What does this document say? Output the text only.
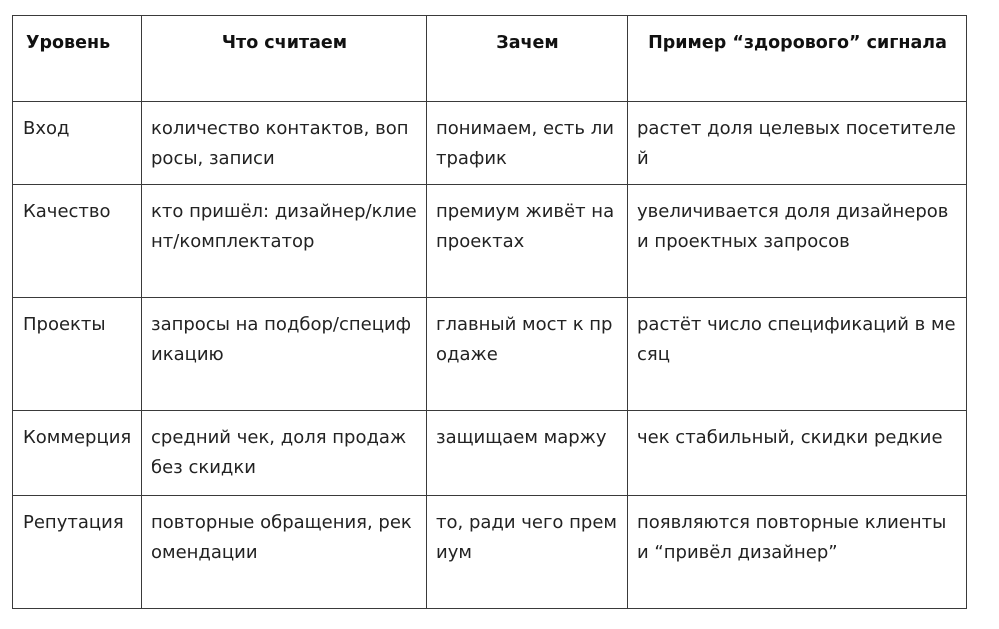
Уровень	Что считаем	Зачем	Пример “здорового” сигнала
Вход	количество контактов, вопросы, записи	понимаем, есть ли трафик	растет доля целевых посетителей
Качество	кто пришёл: дизайнер/клиент/комплектатор	премиум живёт на проектах	увеличивается доля дизайнеров и проектных запросов
Проекты	запросы на подбор/спецификацию	главный мост к продаже	растёт число спецификаций в месяц
Коммерция	средний чек, доля продаж без скидки	защищаем маржу	чек стабильный, скидки редкие
Репутация	повторные обращения, рекомендации	то, ради чего премиум	появляются повторные клиенты и “привёл дизайнер”
